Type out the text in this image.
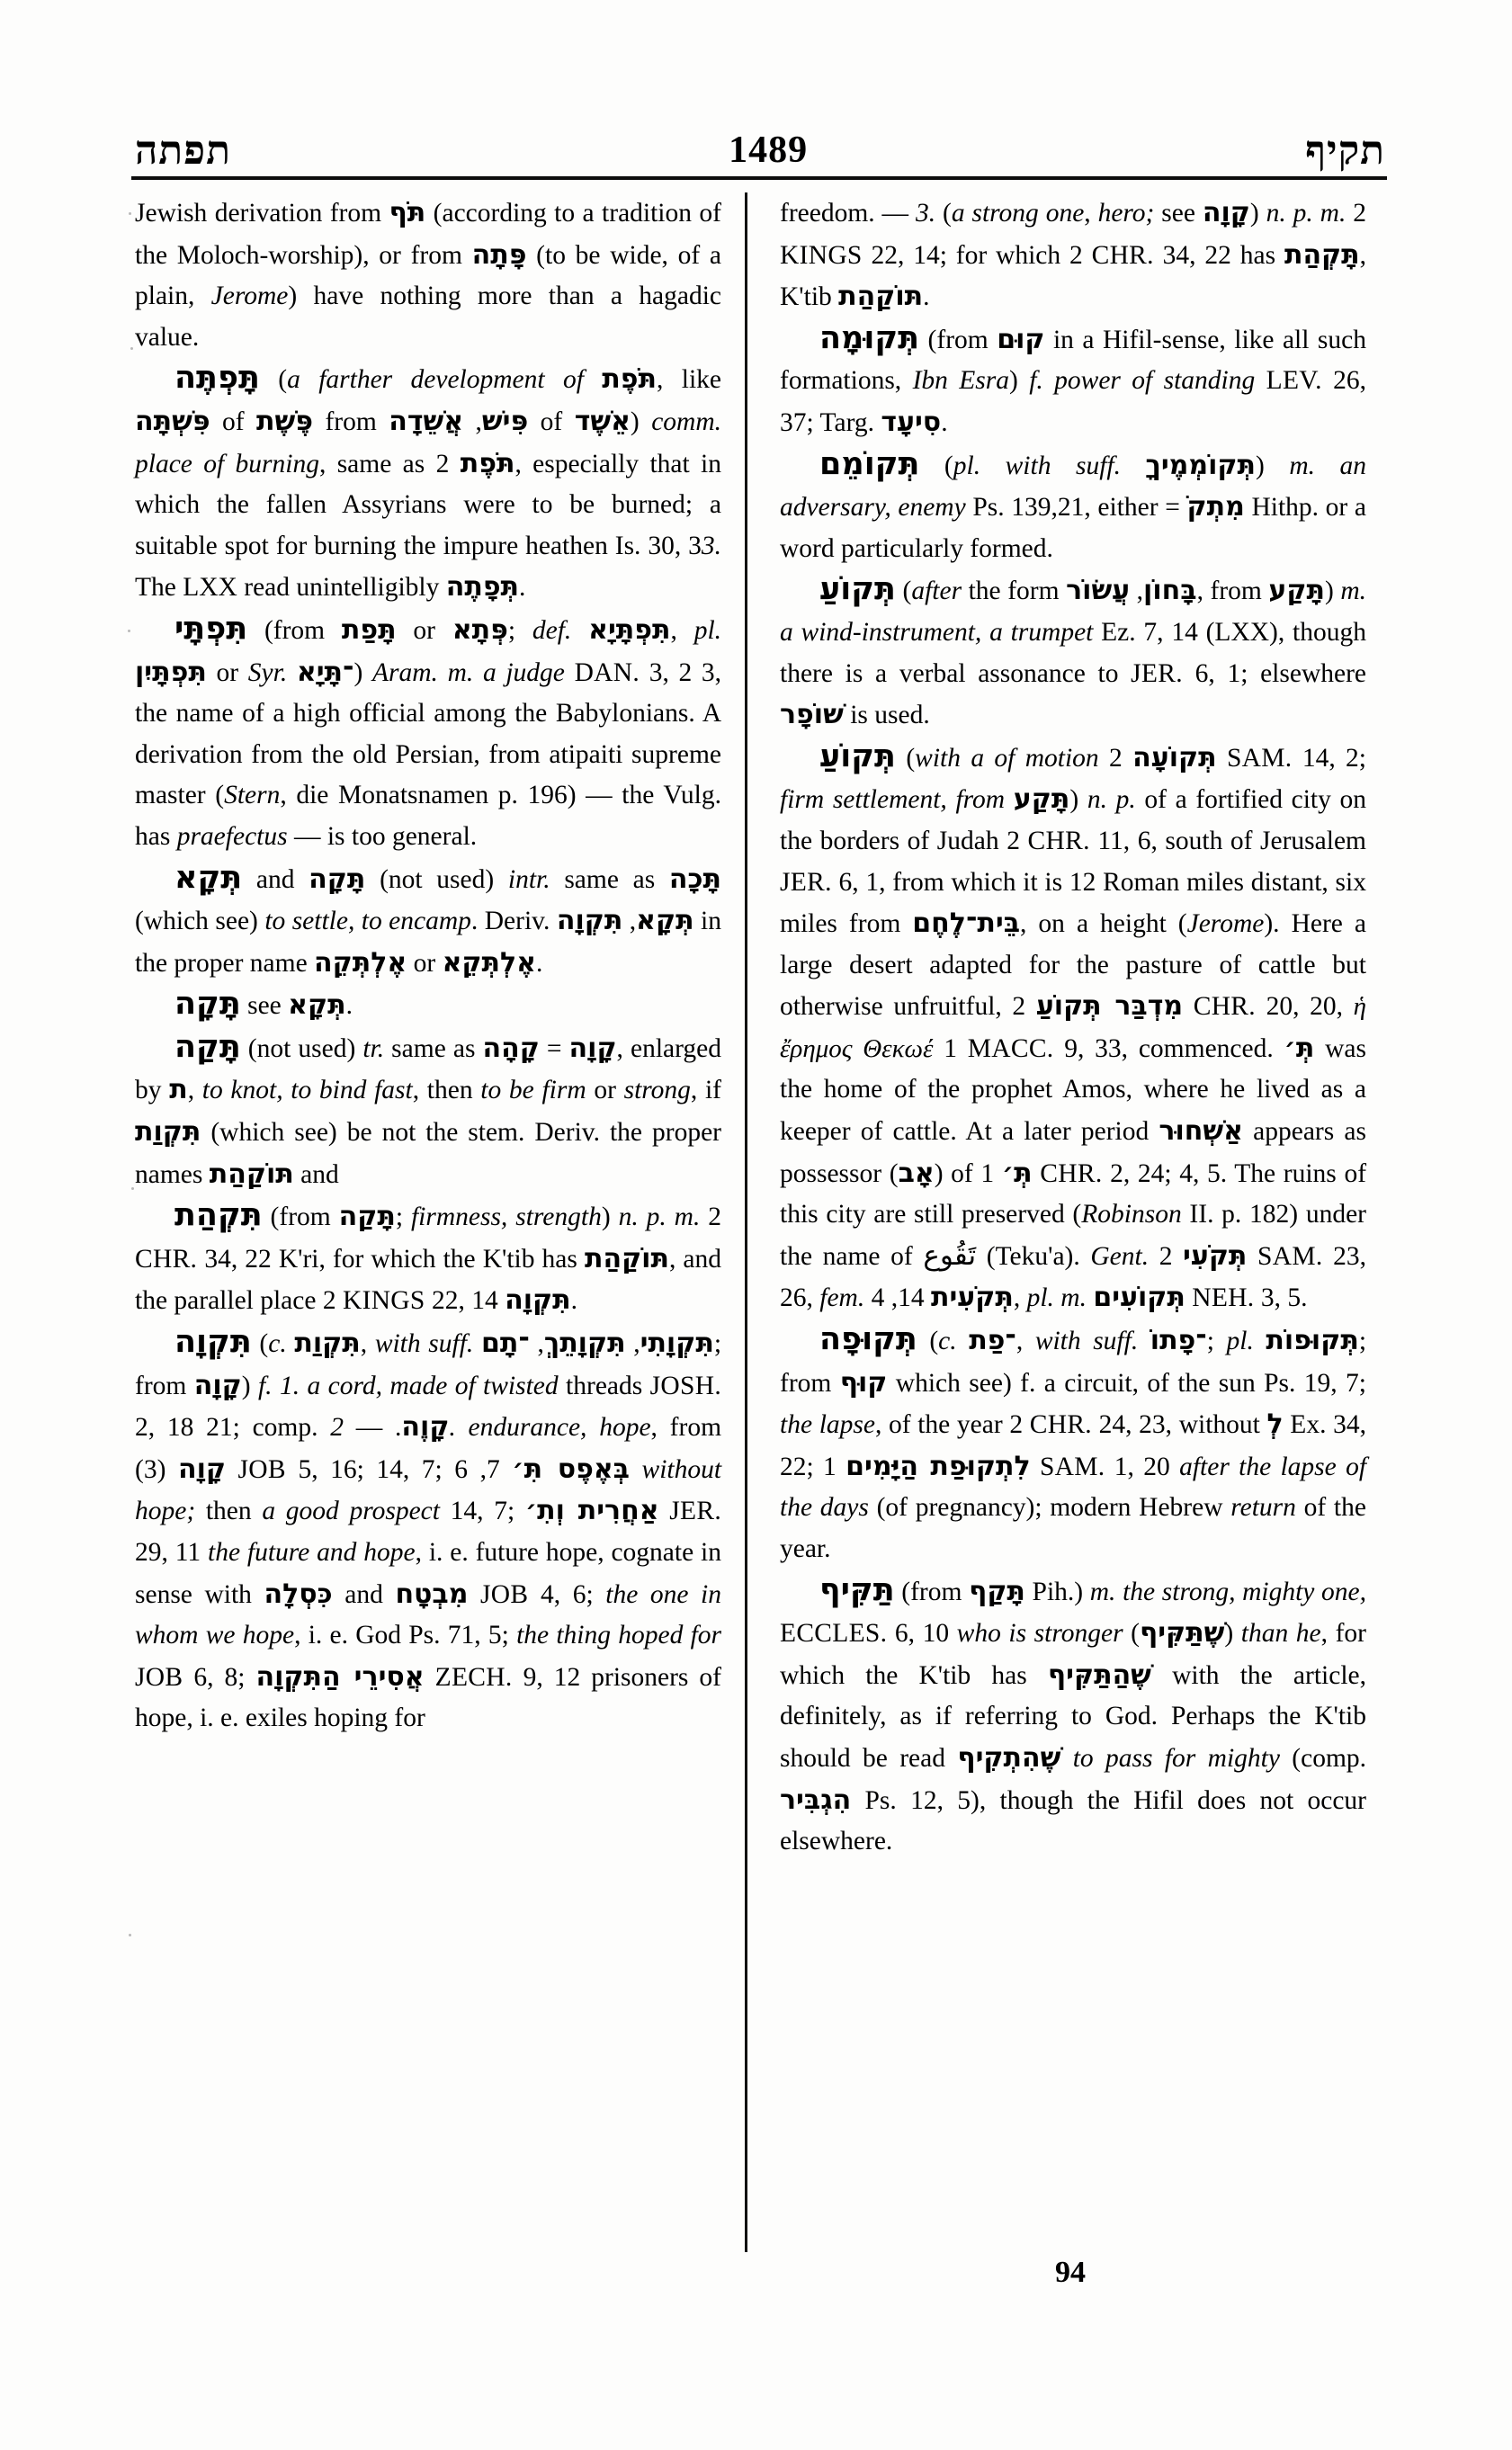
תפתה	1489	תקיף

Jewish derivation from תֹּף (according to a tradition of the Moloch-worship), or from פָּתָה (to be wide, of a plain, Jerome) have nothing more than a hagadic value.

תָּפְתֶּה (a farther development of תֹּפֶת, like פִּשְׁתָּה of פֶּשֶׁת from	פִּישׁ, אֲשֵׁדָה of אֵשֶׁד) comm. place of burning, same as תֹּפֶת 2, especially that in which the fallen Assyrians were to be burned; a suitable spot for burning the impure heathen Is. 30, 33. The LXX read unintelligibly תְּפָתֶה.

תִּפְתָּי (from תָּפַת or פְּתָא; def. תִּפְתָּיָא, pl. תִּפְתָּיִן or Syr. ־תָּיָא) Aram. m. a judge DAN. 3, 2 3, the name of a high official among the Babylonians. A derivation from the old Persian, from atipaiti supreme master (Stern, die Monatsnamen p. 196) — the Vulg. has praefectus — is too general.

תְּקָא and תָּקָה (not used) intr. same as תָּכָה (which see) to settle, to encamp. Deriv.	תְּקָא, תִּקְוָה	in the proper name אֶלְתְּקֵה or אֶלְתְּקֵא.

תָּקָה see תְּקָא.

תָּקַה (not used) tr. same as	קָוָה = קָהָה	, enlarged by ת, to knot, to bind fast, then to be firm or strong, if תִּקְוַת (which see) be not the stem. Deriv. the proper names תּוֹקַהַת and

תִּקְהַת (from תָּקַה; firmness, strength) n. p. m. 2 CHR. 34, 22 K'ri, for which the K'tib has תּוֹקַהַת, and the parallel place 2 KINGS 22, 14 תִּקְוָה.

תִּקְוָה (c. תִּקְוַת, with suff.	תִּקְוָתִי, תִּקְוָתֵךְ, ־תָם	; from קָוָה) f. 1. a cord, made of twisted threads JOSH. 2, 18 21; comp.	קָוֶה. — 2. endurance, hope, from קָוָה (3) JOB 5, 16; 14, 7; בְּאֶפֶס תִּ׳ 7, 6 without hope; then a good prospect 14, 7; אַחֲרִית וְתִ׳ JER. 29, 11 the future and hope, i. e. future hope, cognate in sense with כִּסְלָה and מִבְטָח JOB 4, 6; the one in whom we hope, i. e. God Ps. 71, 5; the thing hoped for JOB 6, 8; אֲסִירֵי הַתִּקְוָה ZECH. 9, 12 prisoners of hope, i. e. exiles hoping for

freedom. — 3. (a strong one, hero; see קָוָה) n. p. m. 2 KINGS 22, 14; for which 2 CHR. 34, 22 has תָּקְהַת, K'tib תּוֹקַהַת.

תְּקוּמָה (from קוּם in a Hifil-sense, like all such formations, Ibn Esra) f. power of standing LEV. 26, 37; Targ. סִיעָד.

תְּקוֹמֵם (pl. with suff. תְּקוֹמְמֶיךָ) m. an adversary, enemy Ps. 139,21, either = מִתְקֹ Hithp. or a word particularly formed.

תְּקוֹעַ (after the form	בָּחוֹן, עֲשׂוֹר	, from תָּקַע) m. a wind-instrument, a trumpet Ez. 7, 14 (LXX), though there is a verbal assonance to JER. 6, 1; elsewhere שׁוֹפָר is used.

תְּקוֹעַ (with a of motion תְּקוֹעָה 2 SAM. 14, 2; firm settlement, from תָּקַע) n. p. of a fortified city on the borders of Judah 2 CHR. 11, 6, south of Jerusalem JER. 6, 1, from which it is 12 Roman miles distant, six miles from בֵּית־לֶחֶם, on a height (Jerome). Here a large desert adapted for the pasture of cattle but otherwise unfruitful, מִדְבַּר תְּקוֹעַ 2 CHR. 20, 20, ἡ ἔρημος Θεκωέ 1 MACC. 9, 33, commenced. תְּ׳ was the home of the prophet Amos, where he lived as a keeper of cattle. At a later period אַשְׁחוּר appears as possessor (אָב) of תְּ׳ 1 CHR. 2, 24; 4, 5. The ruins of this city are still preserved (Robinson II. p. 182) under the name of تَقُوع (Teku'a). Gent. תְּקֹעִי 2 SAM. 23, 26, fem. תְּקֹעִית 14, 4, pl. m. תְּקוֹעִים NEH. 3, 5.

תְּקוּפָה (c. ־פַת, with suff. ־פָתוֹ; pl. תְּקוּפוֹת; from קוּף which see) f. a circuit, of the sun Ps. 19, 7; the lapse, of the year 2 CHR. 24, 23, without לְ Ex. 34, 22; לִתְקוּפַת הַיָּמִים 1 SAM. 1, 20 after the lapse of the days (of pregnancy); modern Hebrew return of the year.

תַּקִּיף (from תָּקַף Pih.) m. the strong, mighty one, ECCLES. 6, 10 who is stronger (שֶׁתַּקִּיף) than he, for which the K'tib has שֶׁהַתַּקִּיף with the article, definitely, as if referring to God. Perhaps the K'tib should be read שֶׁהִתְקִיף to pass for mighty (comp. הִגְבִּיר Ps. 12, 5), though the Hifil does not occur elsewhere.

94
